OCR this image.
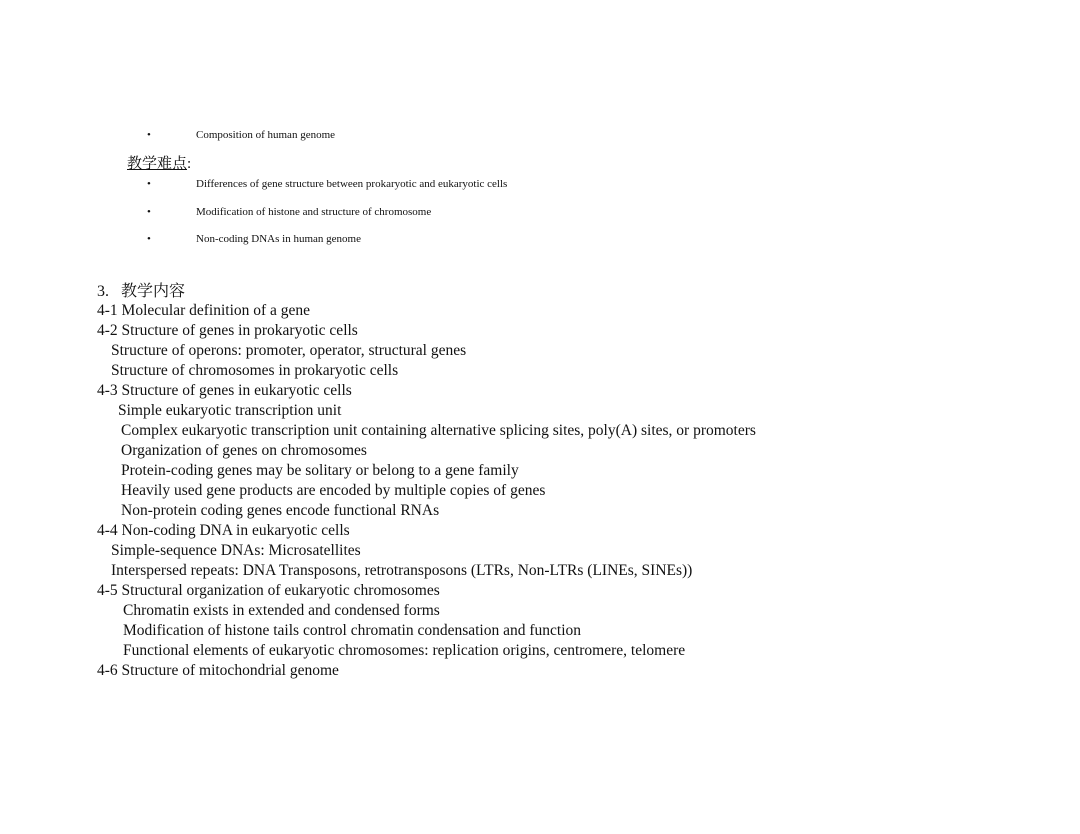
•	Composition of human genome
教学难点:
•	Differences of gene structure between prokaryotic and eukaryotic cells
•	Modification of histone and structure of chromosome
•	Non-coding DNAs in human genome
3. 教学内容
4-1 Molecular definition of a gene
4-2 Structure of genes in prokaryotic cells
Structure of operons: promoter, operator, structural genes
Structure of chromosomes in prokaryotic cells
4-3 Structure of genes in eukaryotic cells
Simple eukaryotic transcription unit
Complex eukaryotic transcription unit containing alternative splicing sites, poly(A) sites, or promoters
Organization of genes on chromosomes
Protein-coding genes may be solitary or belong to a gene family
Heavily used gene products are encoded by multiple copies of genes
Non-protein coding genes encode functional RNAs
4-4 Non-coding DNA in eukaryotic cells
Simple-sequence DNAs: Microsatellites
Interspersed repeats: DNA Transposons, retrotransposons (LTRs, Non-LTRs (LINEs, SINEs))
4-5 Structural organization of eukaryotic chromosomes
Chromatin exists in extended and condensed forms
Modification of histone tails control chromatin condensation and function
Functional elements of eukaryotic chromosomes: replication origins, centromere, telomere
4-6 Structure of mitochondrial genome
